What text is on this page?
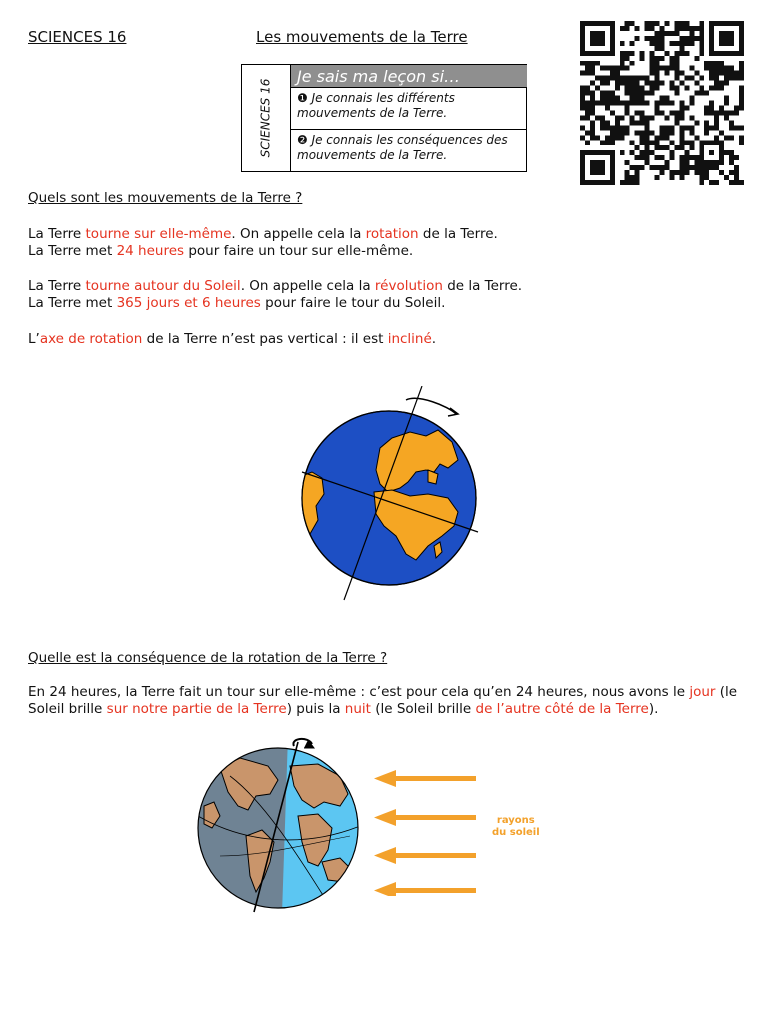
SCIENCES 16	Les mouvements de la Terre
SCIENCES 16
Je sais ma leçon si…
❶ Je connais les différents mouvements de la Terre.
❷ Je connais les conséquences des mouvements de la Terre.
Quels sont les mouvements de la Terre ?
La Terre tourne sur elle-même. On appelle cela la rotation de la Terre.
La Terre met 24 heures pour faire un tour sur elle-même.
La Terre tourne autour du Soleil. On appelle cela la révolution de la Terre.
La Terre met 365 jours et 6 heures pour faire le tour du Soleil.
L’axe de rotation de la Terre n’est pas vertical : il est incliné.
Quelle est la conséquence de la rotation de la Terre ?
En 24 heures, la Terre fait un tour sur elle-même : c’est pour cela qu’en 24 heures, nous avons le jour (le
Soleil brille sur notre partie de la Terre) puis la nuit (le Soleil brille de l’autre côté de la Terre).
rayons
du soleil
